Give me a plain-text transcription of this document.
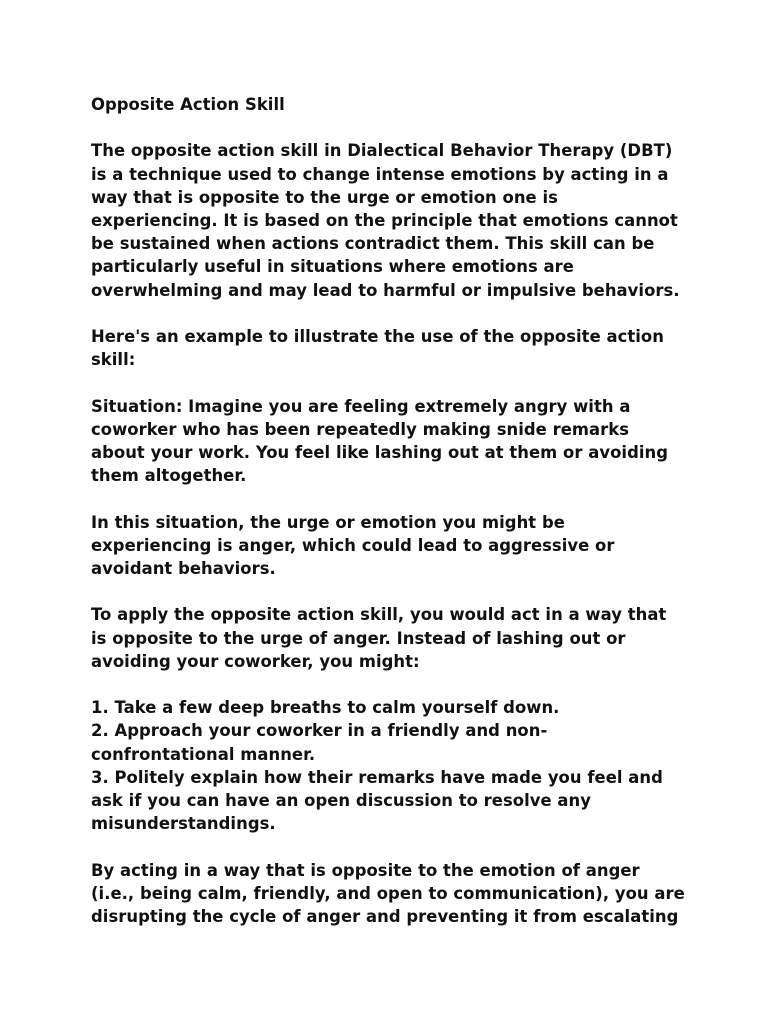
Opposite Action Skill

The opposite action skill in Dialectical Behavior Therapy (DBT)
is a technique used to change intense emotions by acting in a
way that is opposite to the urge or emotion one is
experiencing. It is based on the principle that emotions cannot
be sustained when actions contradict them. This skill can be
particularly useful in situations where emotions are
overwhelming and may lead to harmful or impulsive behaviors.

Here's an example to illustrate the use of the opposite action
skill:

Situation: Imagine you are feeling extremely angry with a
coworker who has been repeatedly making snide remarks
about your work. You feel like lashing out at them or avoiding
them altogether.

In this situation, the urge or emotion you might be
experiencing is anger, which could lead to aggressive or
avoidant behaviors.

To apply the opposite action skill, you would act in a way that
is opposite to the urge of anger. Instead of lashing out or
avoiding your coworker, you might:

1. Take a few deep breaths to calm yourself down.
2. Approach your coworker in a friendly and non-
confrontational manner.
3. Politely explain how their remarks have made you feel and
ask if you can have an open discussion to resolve any
misunderstandings.

By acting in a way that is opposite to the emotion of anger
(i.e., being calm, friendly, and open to communication), you are
disrupting the cycle of anger and preventing it from escalating
